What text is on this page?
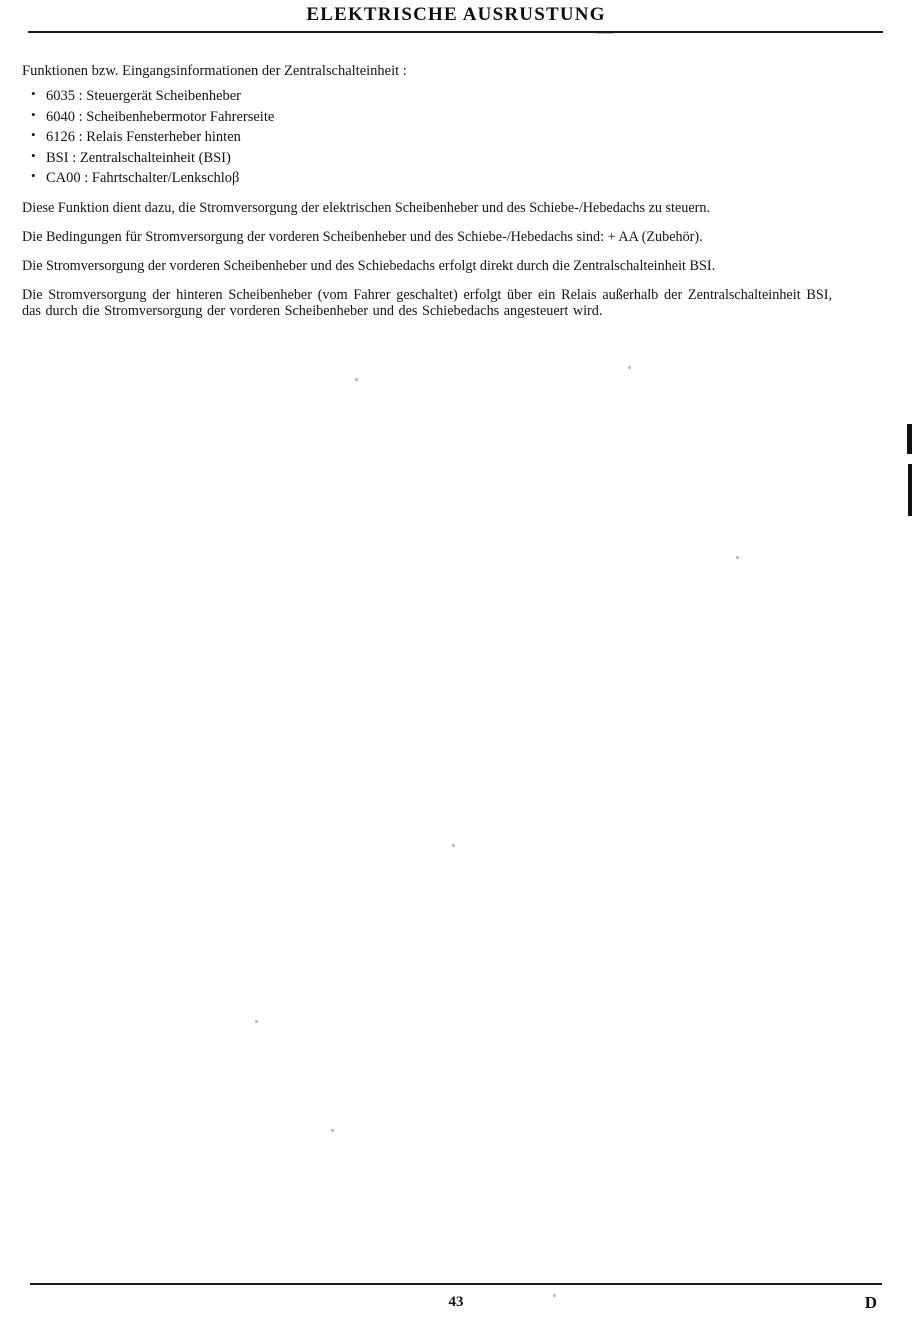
ELEKTRISCHE AUSRUSTUNG

Funktionen bzw. Eingangsinformationen der Zentralschalteinheit :

• 6035 : Steuergerät Scheibenheber
• 6040 : Scheibenhebermotor Fahrerseite
• 6126 : Relais Fensterheber hinten
• BSI : Zentralschalteinheit (BSI)
• CA00 : Fahrtschalter/Lenkschloβ

Diese Funktion dient dazu, die Stromversorgung der elektrischen Scheibenheber und des Schiebe-/Hebedachs zu steuern.

Die Bedingungen für Stromversorgung der vorderen Scheibenheber und des Schiebe-/Hebedachs sind: + AA (Zubehör).

Die Stromversorgung der vorderen Scheibenheber und des Schiebedachs erfolgt direkt durch die Zentralschalteinheit BSI.

Die Stromversorgung der hinteren Scheibenheber (vom Fahrer geschaltet) erfolgt über ein Relais außerhalb der Zentralschalteinheit BSI, das durch die Stromversorgung der vorderen Scheibenheber und des Schiebedachs angesteuert wird.

43	D
